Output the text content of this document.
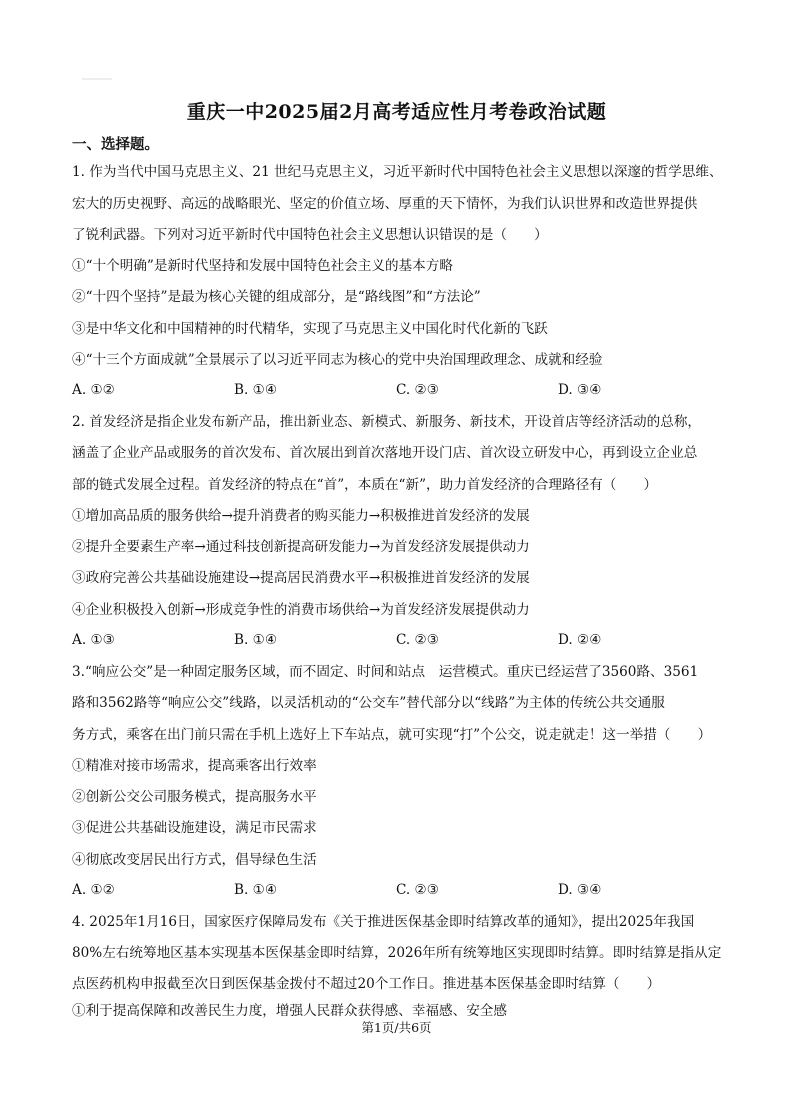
重庆一中2025届2月高考适应性月考卷政治试题
一、选择题。
1. 作为当代中国马克思主义、21 世纪马克思主义，习近平新时代中国特色社会主义思想以深邃的哲学思维、
宏大的历史视野、高远的战略眼光、坚定的价值立场、厚重的天下情怀，为我们认识世界和改造世界提供
了锐利武器。下列对习近平新时代中国特色社会主义思想认识错误的是（　　）
①“十个明确”是新时代坚持和发展中国特色社会主义的基本方略
②“十四个坚持”是最为核心关键的组成部分，是“路线图”和“方法论”
③是中华文化和中国精神的时代精华，实现了马克思主义中国化时代化新的飞跃
④“十三个方面成就”全景展示了以习近平同志为核心的党中央治国理政理念、成就和经验
A. ①②	B. ①④	C. ②③	D. ③④
2. 首发经济是指企业发布新产品，推出新业态、新模式、新服务、新技术，开设首店等经济活动的总称，
涵盖了企业产品或服务的首次发布、首次展出到首次落地开设门店、首次设立研发中心，再到设立企业总
部的链式发展全过程。首发经济的特点在“首”，本质在“新”，助力首发经济的合理路径有（　　）
①增加高品质的服务供给→提升消费者的购买能力→积极推进首发经济的发展
②提升全要素生产率→通过科技创新提高研发能力→为首发经济发展提供动力
③政府完善公共基础设施建设→提高居民消费水平→积极推进首发经济的发展
④企业积极投入创新→形成竞争性的消费市场供给→为首发经济发展提供动力
A. ①③	B. ①④	C. ②③	D. ②④
3.“响应公交”是一种固定服务区域，而不固定、时间和站点　运营模式。重庆已经运营了3560路、3561
路和3562路等“响应公交”线路，以灵活机动的“公交车”替代部分以“线路”为主体的传统公共交通服
务方式，乘客在出门前只需在手机上选好上下车站点，就可实现“打”个公交，说走就走！这一举措（　　）
①精准对接市场需求，提高乘客出行效率
②创新公交公司服务模式，提高服务水平
③促进公共基础设施建设，满足市民需求
④彻底改变居民出行方式，倡导绿色生活
A. ①②	B. ①④	C. ②③	D. ③④
4. 2025年1月16日，国家医疗保障局发布《关于推进医保基金即时结算改革的通知》，提出2025年我国
80%左右统筹地区基本实现基本医保基金即时结算，2026年所有统筹地区实现即时结算。即时结算是指从定
点医药机构申报截至次日到医保基金拨付不超过20个工作日。推进基本医保基金即时结算（　　）
①利于提高保障和改善民生力度，增强人民群众获得感、幸福感、安全感
第1页/共6页
